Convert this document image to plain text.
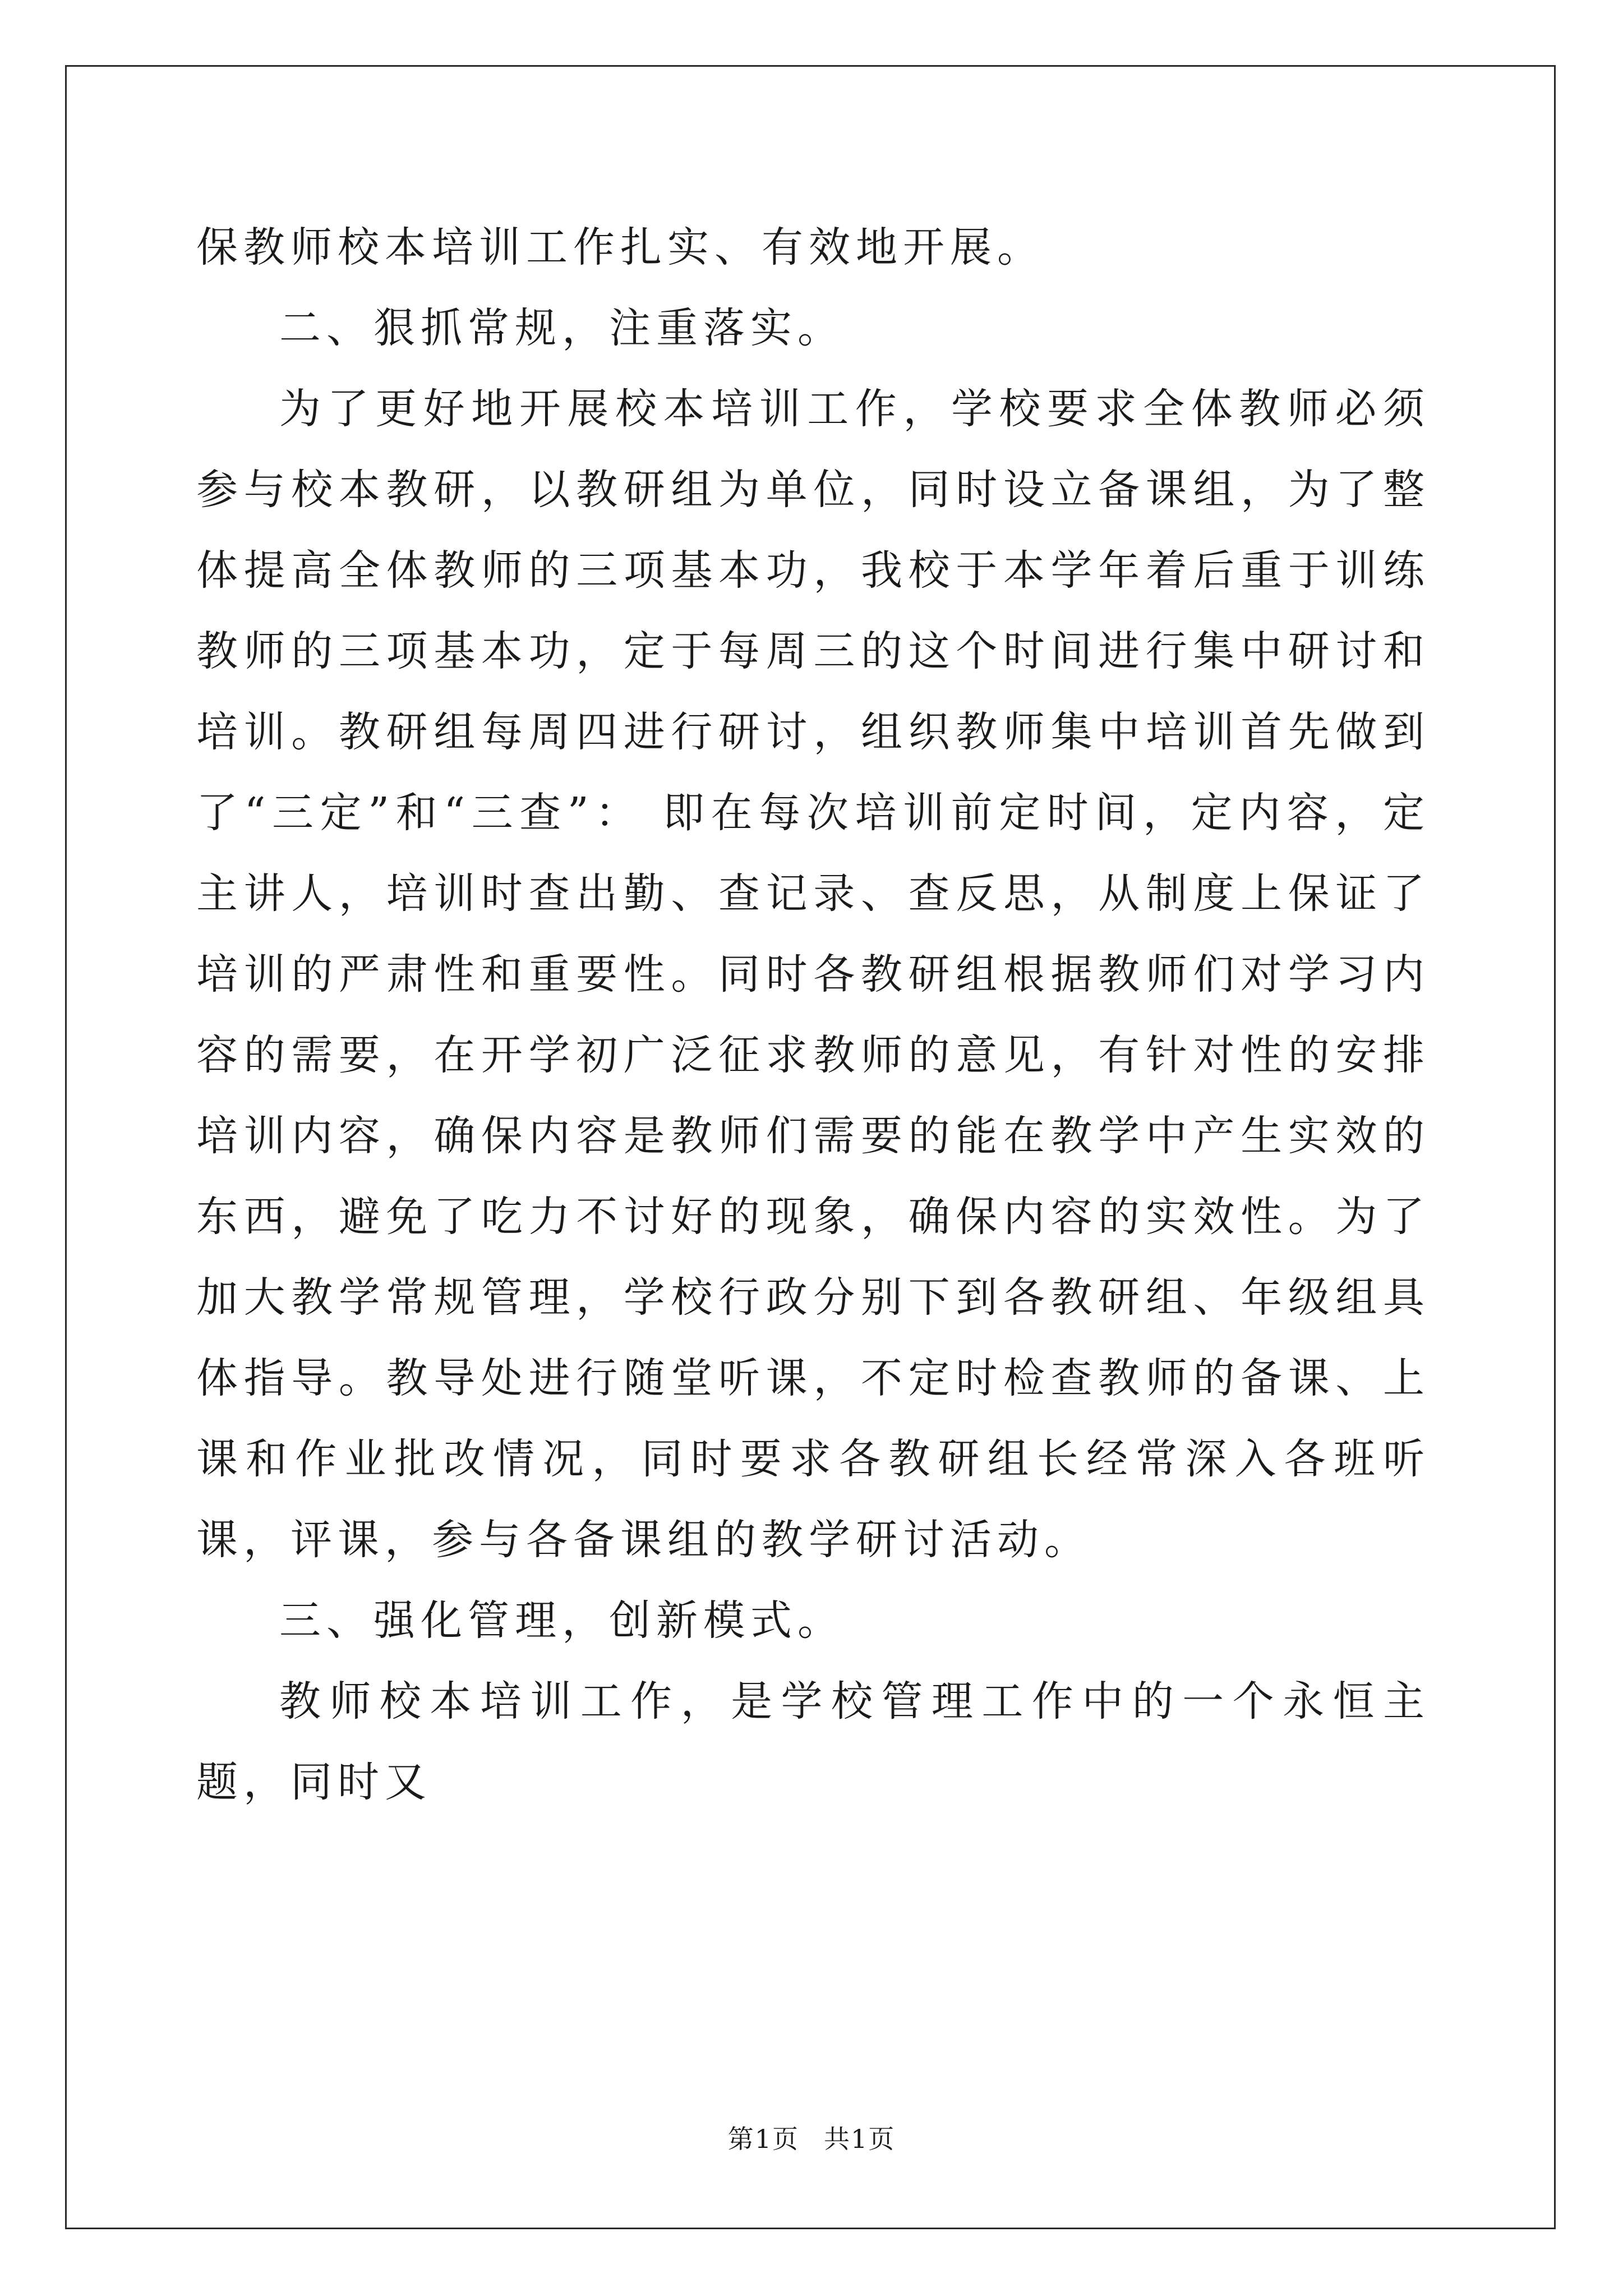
保教师校本培训工作扎实、有效地开展。

二、狠抓常规，注重落实。

为了更好地开展校本培训工作，学校要求全体教师必须参与校本教研，以教研组为单位，同时设立备课组，为了整体提高全体教师的三项基本功，我校于本学年着后重于训练教师的三项基本功，定于每周三的这个时间进行集中研讨和培训。教研组每周四进行研讨，组织教师集中培训首先做到了“三定”和“三查”： 即在每次培训前定时间，定内容，定主讲人，培训时查出勤、查记录、查反思，从制度上保证了培训的严肃性和重要性。同时各教研组根据教师们对学习内容的需要，在开学初广泛征求教师的意见，有针对性的安排培训内容，确保内容是教师们需要的能在教学中产生实效的东西，避免了吃力不讨好的现象，确保内容的实效性。为了加大教学常规管理，学校行政分别下到各教研组、年级组具体指导。教导处进行随堂听课，不定时检查教师的备课、上课和作业批改情况，同时要求各教研组长经常深入各班听课，评课，参与各备课组的教学研讨活动。

三、强化管理，创新模式。

教师校本培训工作，是学校管理工作中的一个永恒主题，同时又

第1页 共1页
